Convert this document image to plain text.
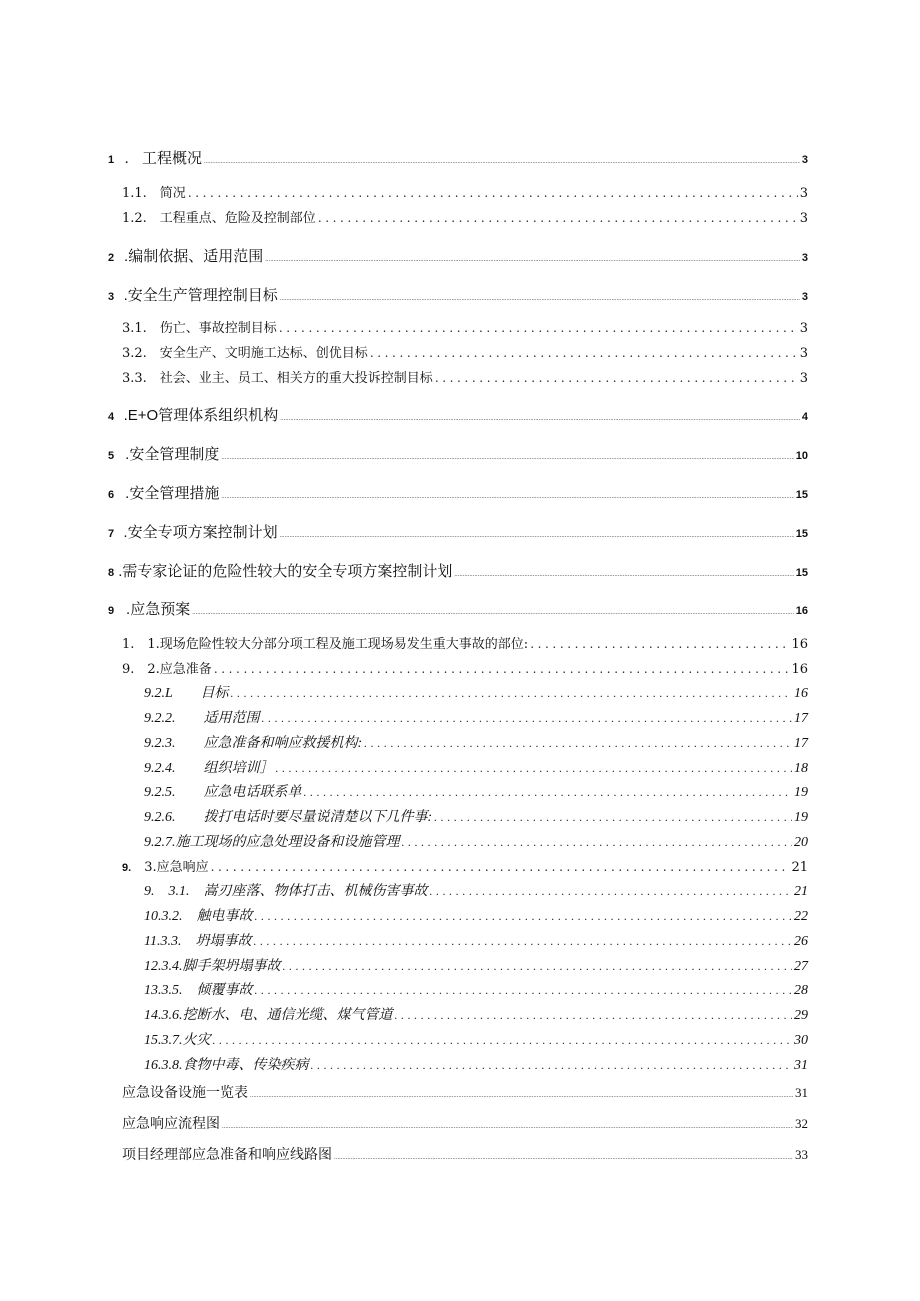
1　. 工程概况 .....	3
1.1.　简况 .....	3
1.2.　工程重点、危险及控制部位 .....	3
2 .编制依据、适用范围 .....	3
3 .安全生产管理控制目标 .....	3
3.1.　伤亡、事故控制目标 .....	3
3.2.　安全生产、文明施工达标、创优目标 .....	3
3.3.　社会、业主、员工、相关方的重大投诉控制目标 .....	3
4 .E+O管理体系组织机构 .....	4
5 .安全管理制度 .....	10
6 .安全管理措施 .....	15
7 .安全专项方案控制计划 .....	15
8 .需专家论证的危险性较大的安全专项方案控制计划 .....	15
9 .应急预案 .....	16
1.　1.现场危险性较大分部分项工程及施工现场易发生重大事故的部位: .....	16
9.　2.应急准备 .....	16
9.2.L　　目标 .....	16
9.2.2.　　适用范围 .....	17
9.2.3.　　应急准备和响应救援机构: .....	17
9.2.4.　　组织培训］ .....	18
9.2.5.　　应急电话联系单 .....	19
9.2.6.　　拨打电话时要尽量说清楚以下几件事: .....	19
9.2.7.施工现场的应急处理设备和设施管理 .....	20
9. 　3.应急响应 .....	21
9.　3.1.　嵩刃座落、物体打击、机械伤害事故 .....	21
10.3.2.　触电事故 .....	22
11.3.3.　坍塌事故 .....	26
12.3.4.脚手架坍塌事故 .....	27
13.3.5.　倾覆事故 .....	28
14.3.6.挖断水、电、通信光缆、煤气管道 .....	29
15.3.7.火灾 .....	30
16.3.8.食物中毒、传染疾病 .....	31
应急设备设施一览表 .....	31
应急响应流程图 .....	32
项目经理部应急准备和响应线路图 .....	33
